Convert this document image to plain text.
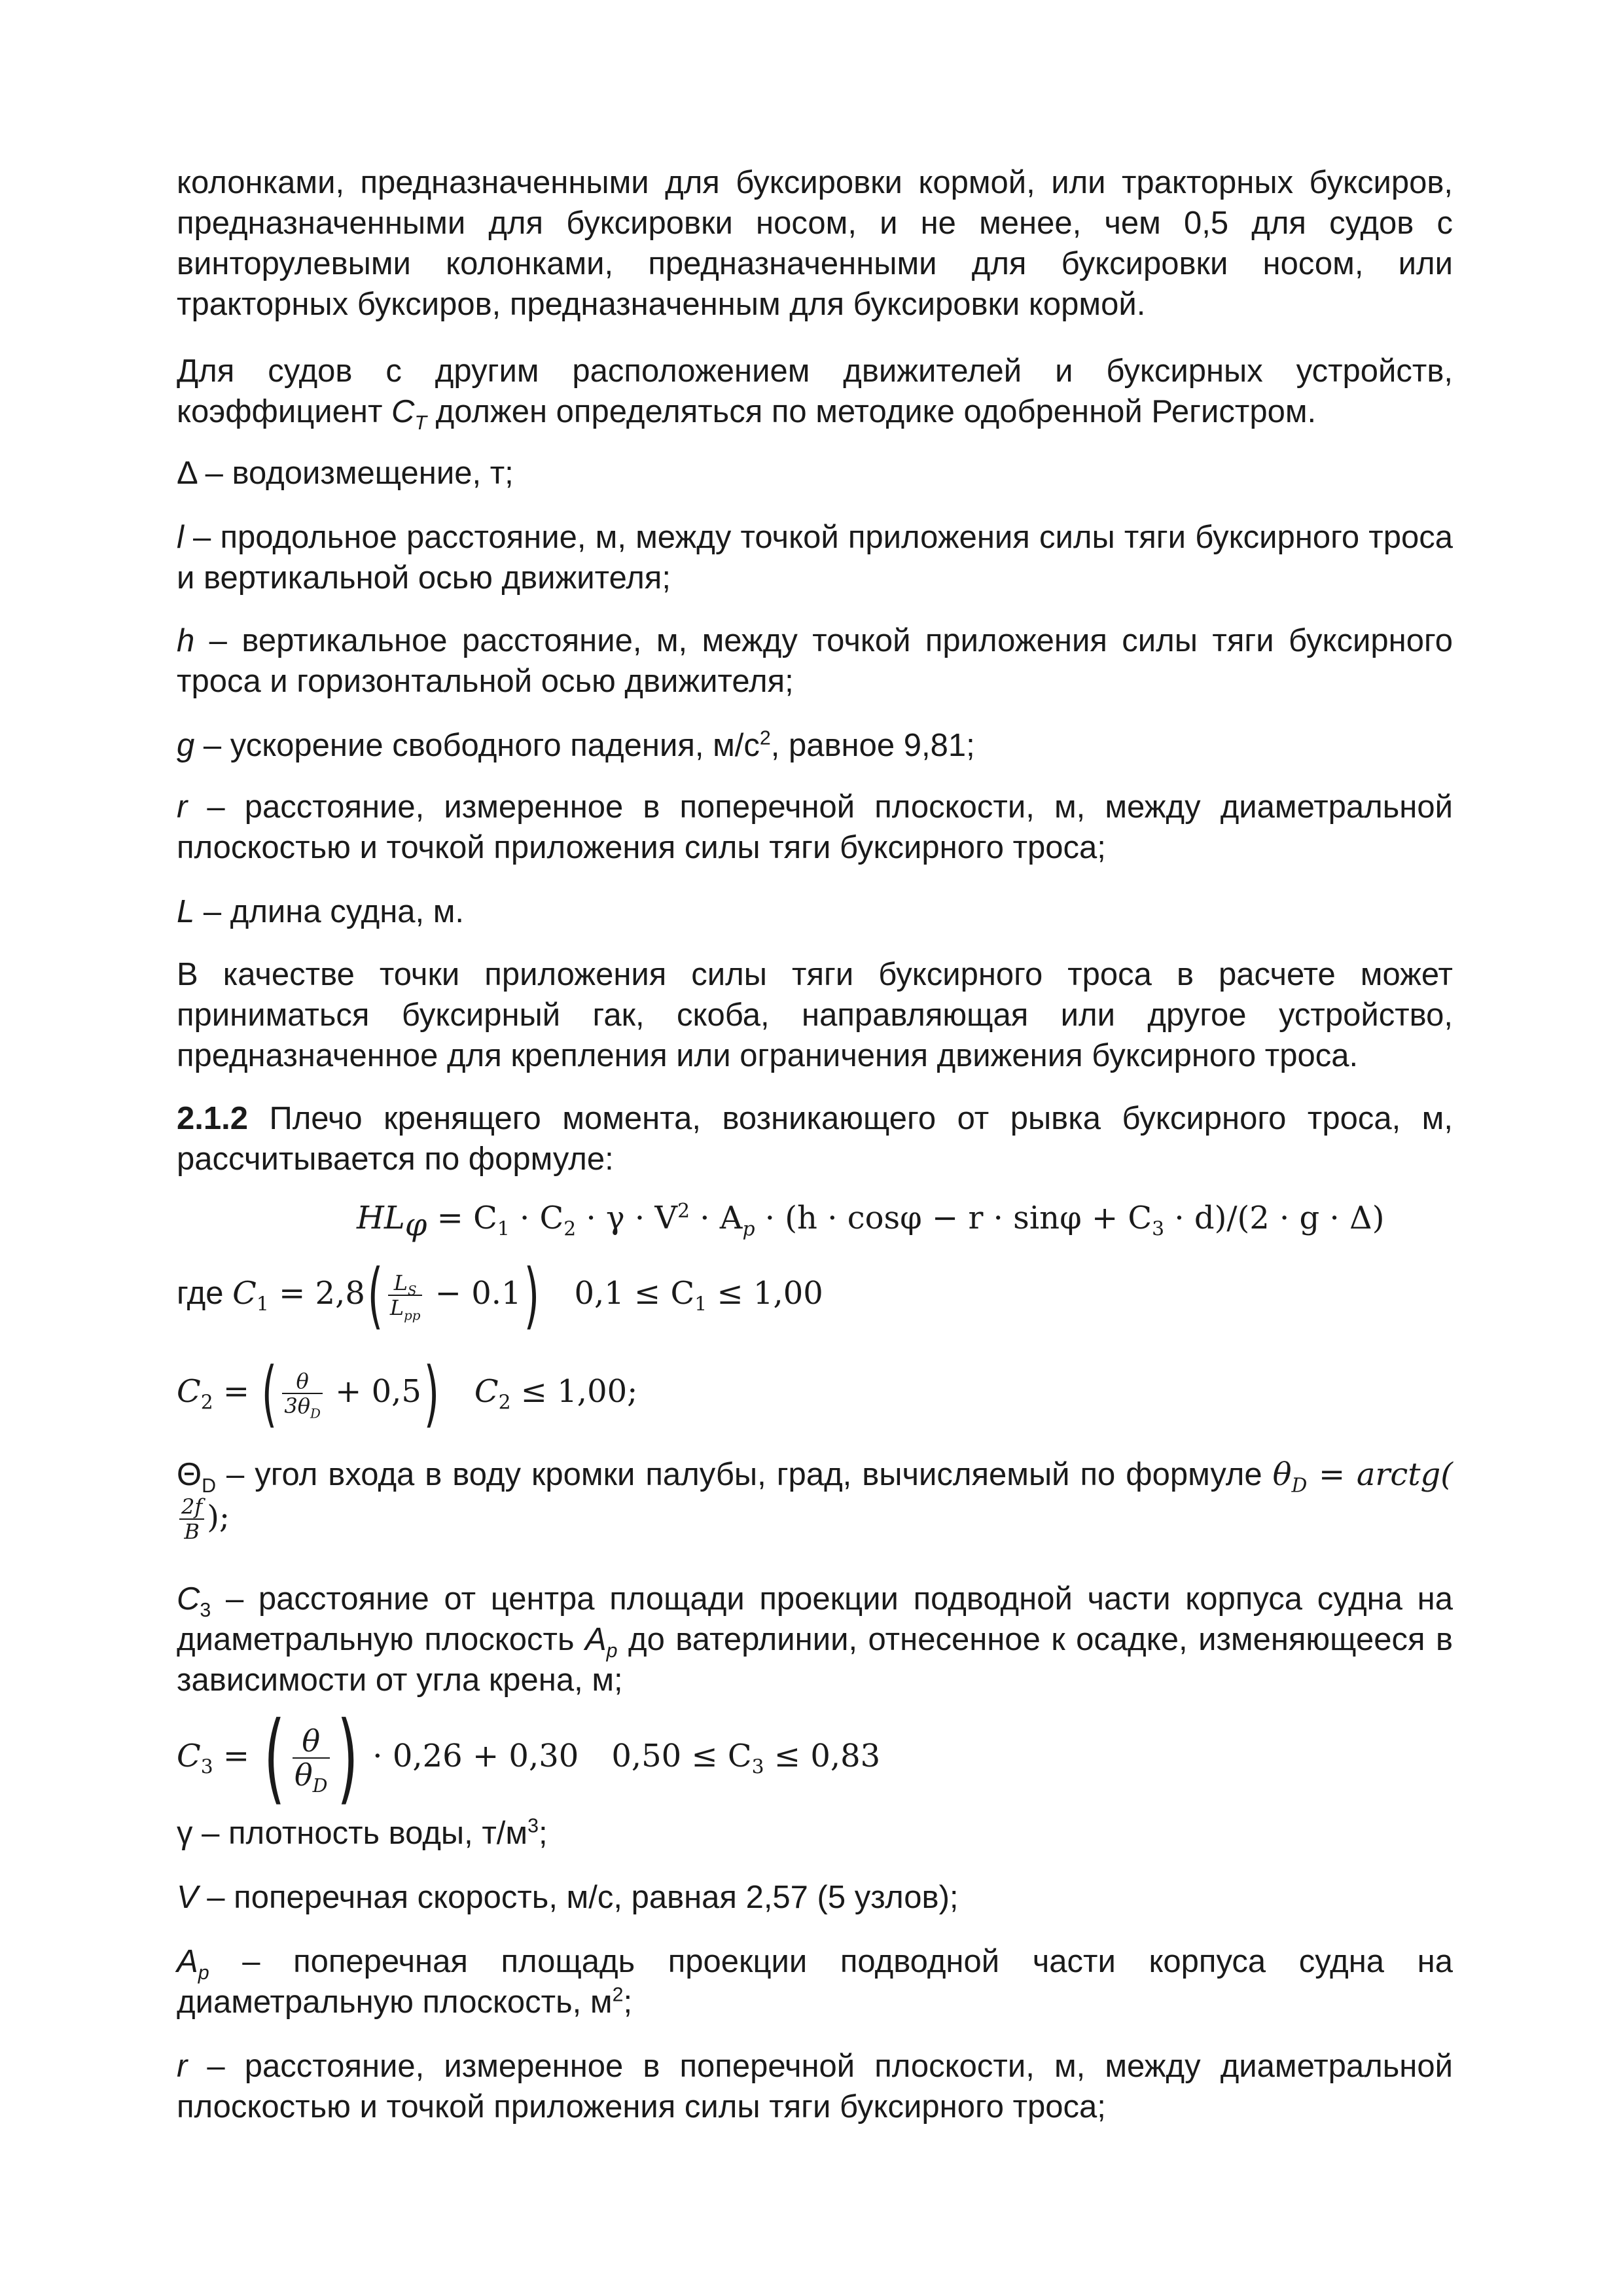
колонками, предназначенными для буксировки кормой, или тракторных буксиров, предназначенными для буксировки носом, и не менее, чем 0,5 для судов с винторулевыми колонками, предназначенными для буксировки носом, или тракторных буксиров, предназначенным для буксировки кормой.

Для судов с другим расположением движителей и буксирных устройств, коэффициент $C_T$ должен определяться по методике одобренной Регистром.

Δ – водоизмещение, т;

l – продольное расстояние, м, между точкой приложения силы тяги буксирного троса и вертикальной осью движителя;

h – вертикальное расстояние, м, между точкой приложения силы тяги буксирного троса и горизонтальной осью движителя;

g – ускорение свободного падения, $м/с^2$, равное 9,81;

r – расстояние, измеренное в поперечной плоскости, м, между диаметральной плоскостью и точкой приложения силы тяги буксирного троса;

L – длина судна, м.

В качестве точки приложения силы тяги буксирного троса в расчете может приниматься буксирный гак, скоба, направляющая или другое устройство, предназначенное для крепления или ограничения движения буксирного троса.

2.1.2 Плечо кренящего момента, возникающего от рывка буксирного троса, м, рассчитывается по формуле:

$HL_\varphi = C_1 \cdot C_2 \cdot \gamma \cdot V^2 \cdot A_p \cdot (h \cdot \cos\varphi - r \cdot \sin\varphi + C_3 \cdot d)/(2 \cdot g \cdot \Delta)$
где $C_1 = 2,8( \frac{L_S}{L_{pp}} - 0.1) 0,1 \le C_1 \le 1,00$
$C_2$ = ( $\frac{\theta}{3\theta_D} + 0,5$) $C_2 \le 1,00$;

$\Theta_D$ – угол входа в воду кромки палубы, град, вычисляемый по формуле $\theta_D$ = arctg(
$\frac{2f}{B}$ );

$C_3$ – расстояние от центра площади проекции подводной части корпуса судна на диаметральную плоскость $A_p$ до ватерлинии, отнесенное к осадке, изменяющееся в зависимости от угла крена, м;

$C_3$ = ( $\frac{\theta}{\theta_D}$ ) · 0,26 + 0,30 $0,50 \le C_3 \le 0,83$

γ – плотность воды, $т/м^3$;

V – поперечная скорость, м/с, равная 2,57 (5 узлов);

$A_p$ – поперечная площадь проекции подводной части корпуса судна на диаметральную плоскость, $м^2$;

r – расстояние, измеренное в поперечной плоскости, м, между диаметральной плоскостью и точкой приложения силы тяги буксирного троса;
